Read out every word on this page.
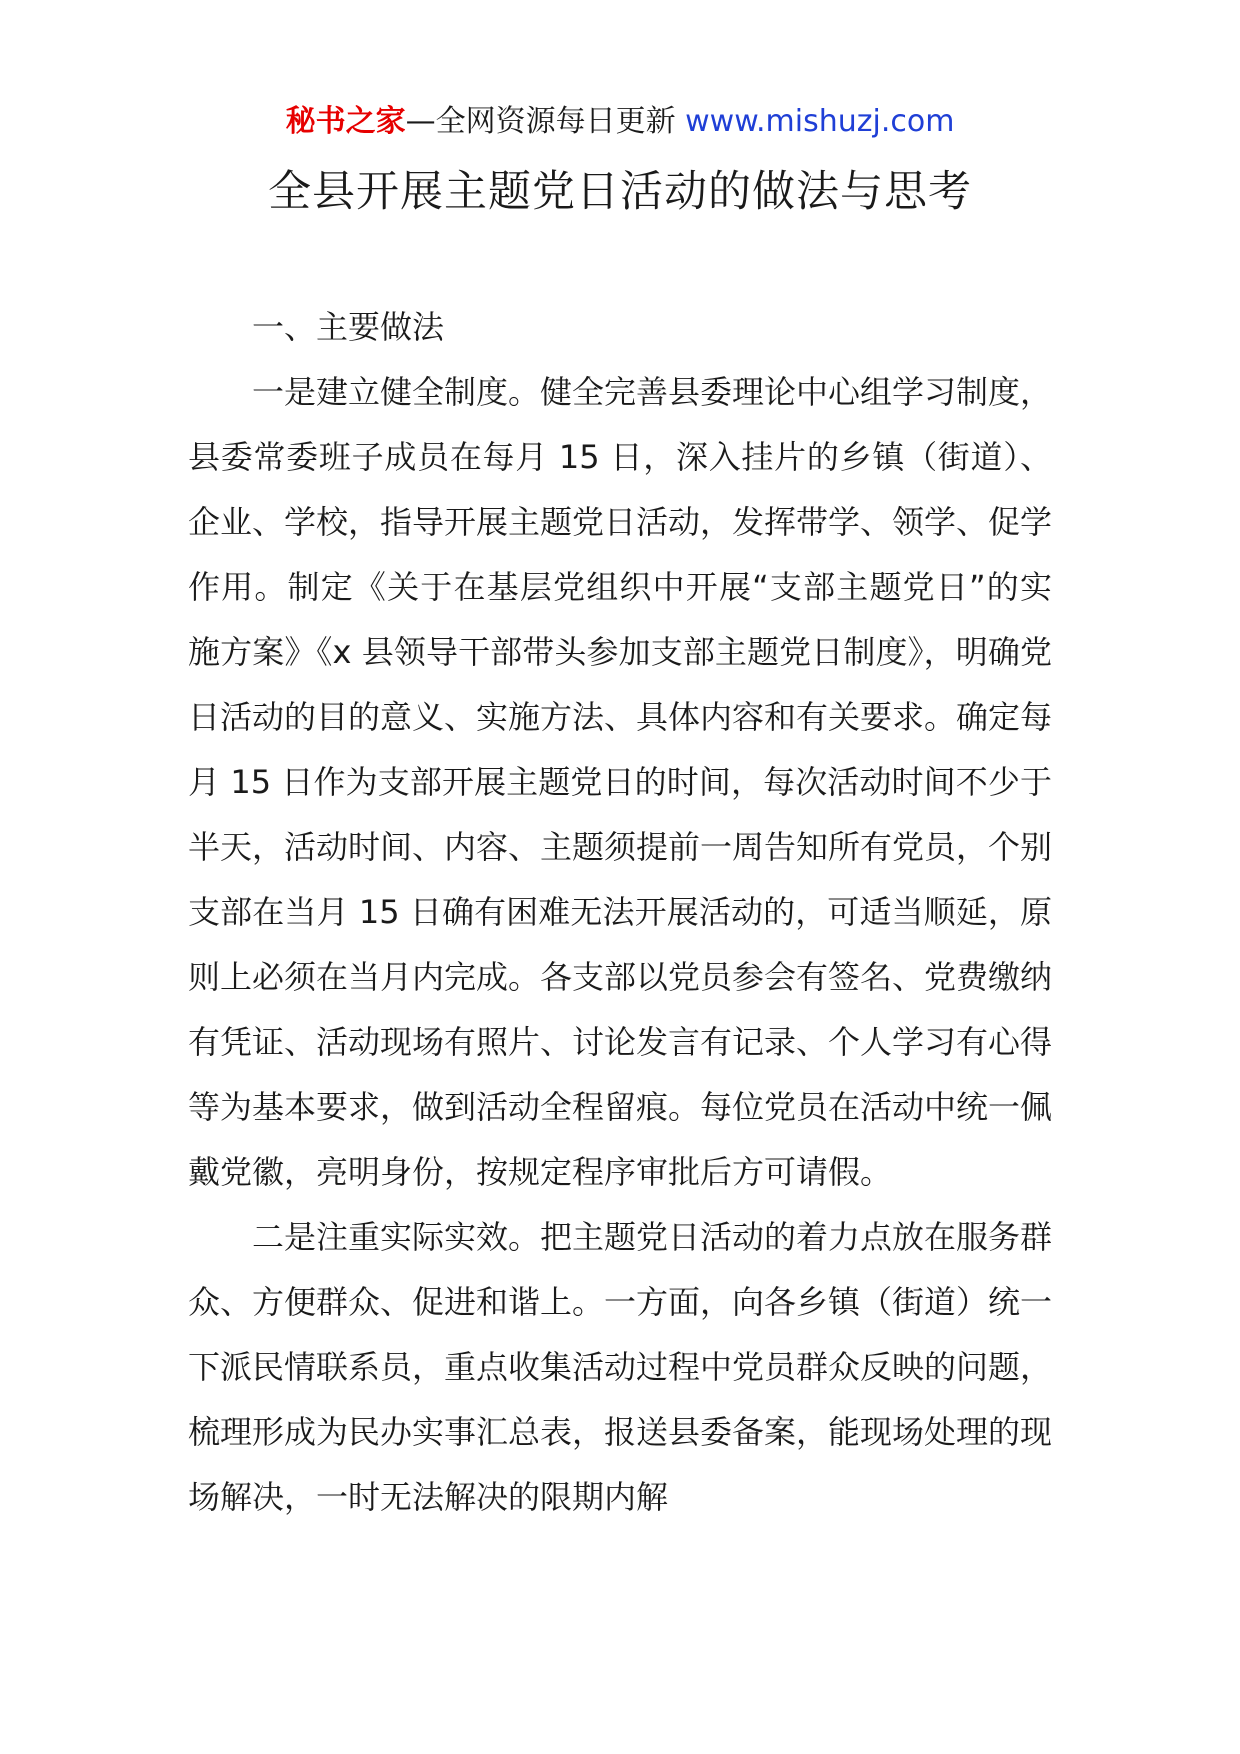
秘书之家—全网资源每日更新 www.mishuzj.com
全县开展主题党日活动的做法与思考

一、主要做法

一是建立健全制度。健全完善县委理论中心组学习制度，县委常委班子成员在每月 15 日，深入挂片的乡镇（街道）、企业、学校，指导开展主题党日活动，发挥带学、领学、促学作用。制定《关于在基层党组织中开展“支部主题党日”的实施方案》《x 县领导干部带头参加支部主题党日制度》，明确党日活动的目的意义、实施方法、具体内容和有关要求。确定每月 15 日作为支部开展主题党日的时间，每次活动时间不少于半天，活动时间、内容、主题须提前一周告知所有党员，个别支部在当月 15 日确有困难无法开展活动的，可适当顺延，原则上必须在当月内完成。各支部以党员参会有签名、党费缴纳有凭证、活动现场有照片、讨论发言有记录、个人学习有心得等为基本要求，做到活动全程留痕。每位党员在活动中统一佩戴党徽，亮明身份，按规定程序审批后方可请假。

二是注重实际实效。把主题党日活动的着力点放在服务群众、方便群众、促进和谐上。一方面，向各乡镇（街道）统一下派民情联系员，重点收集活动过程中党员群众反映的问题，梳理形成为民办实事汇总表，报送县委备案，能现场处理的现场解决，一时无法解决的限期内解
